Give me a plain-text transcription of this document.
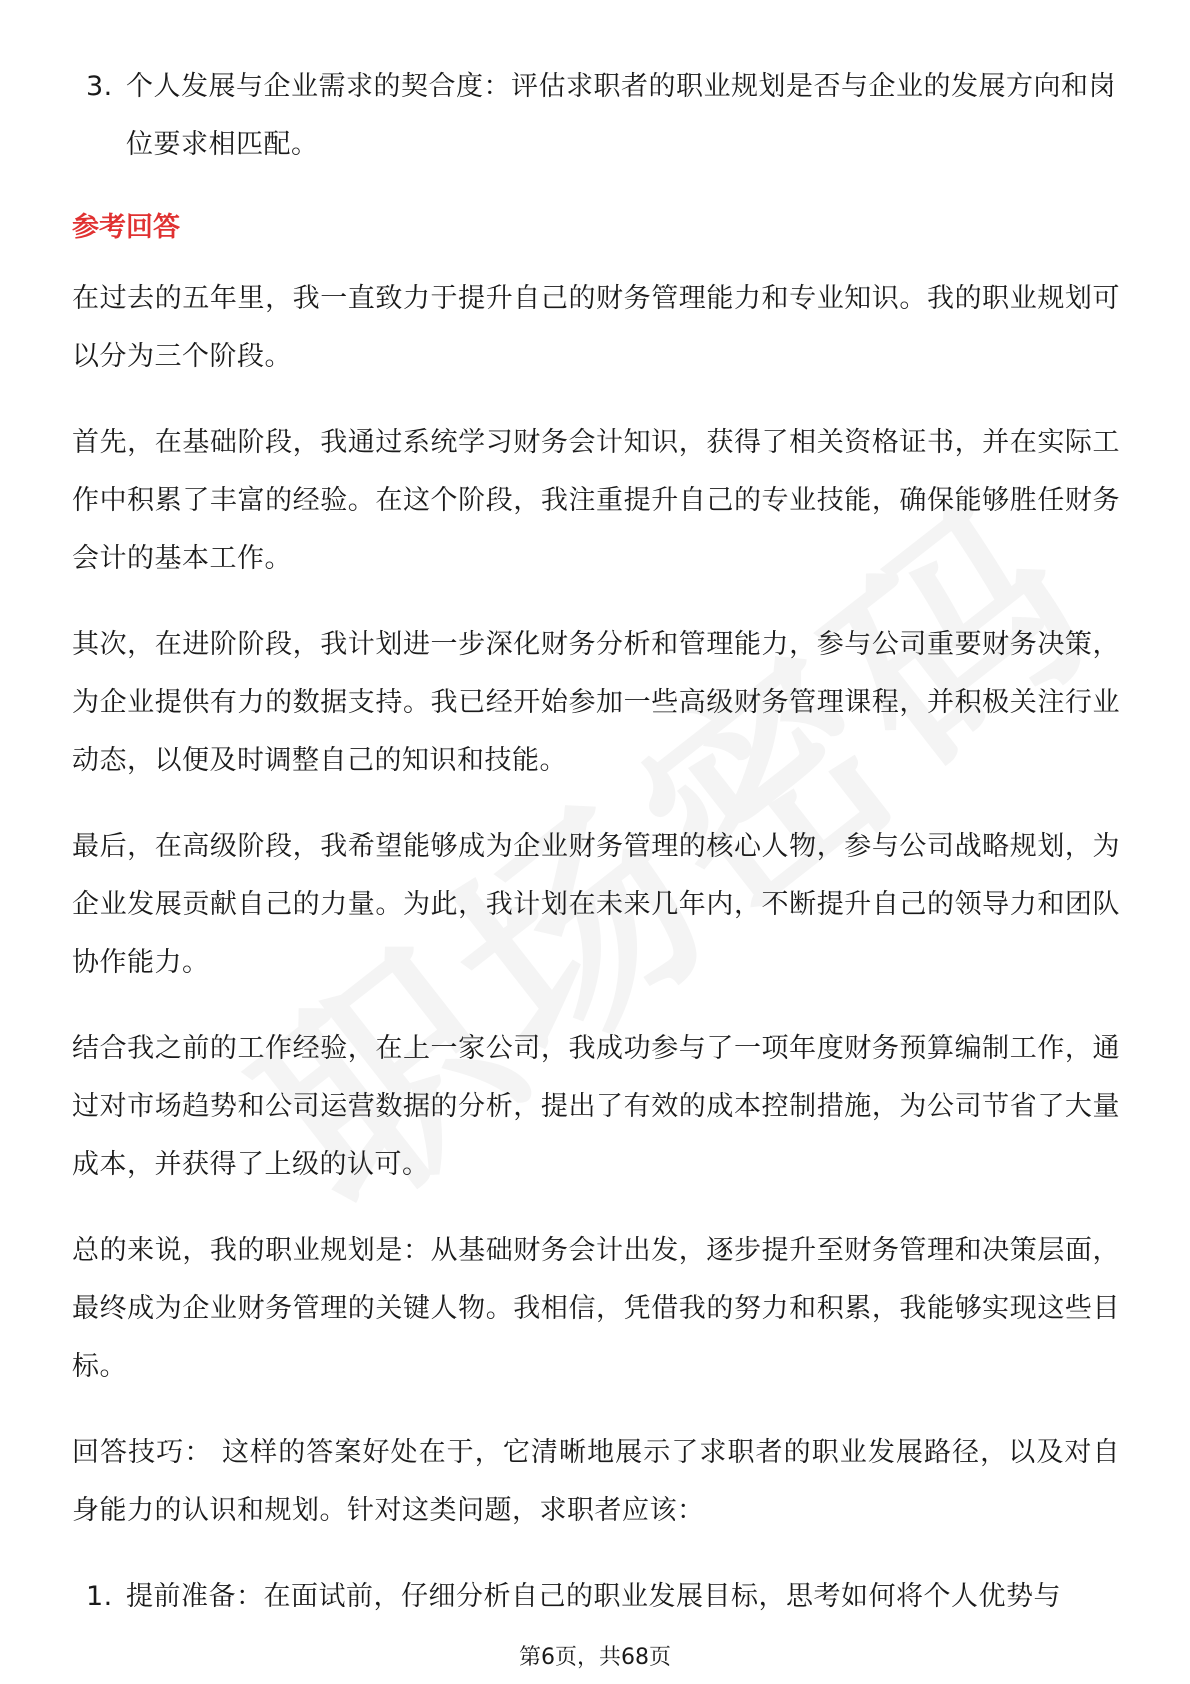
3. 个人发展与企业需求的契合度：评估求职者的职业规划是否与企业的发展方向和岗位要求相匹配。
参考回答

在过去的五年里，我一直致力于提升自己的财务管理能力和专业知识。我的职业规划可以分为三个阶段。

首先，在基础阶段，我通过系统学习财务会计知识，获得了相关资格证书，并在实际工作中积累了丰富的经验。在这个阶段，我注重提升自己的专业技能，确保能够胜任财务会计的基本工作。

其次，在进阶阶段，我计划进一步深化财务分析和管理能力，参与公司重要财务决策，为企业提供有力的数据支持。我已经开始参加一些高级财务管理课程，并积极关注行业动态，以便及时调整自己的知识和技能。

最后，在高级阶段，我希望能够成为企业财务管理的核心人物，参与公司战略规划，为企业发展贡献自己的力量。为此，我计划在未来几年内，不断提升自己的领导力和团队协作能力。

结合我之前的工作经验，在上一家公司，我成功参与了一项年度财务预算编制工作，通过对市场趋势和公司运营数据的分析，提出了有效的成本控制措施，为公司节省了大量成本，并获得了上级的认可。

总的来说，我的职业规划是：从基础财务会计出发，逐步提升至财务管理和决策层面，最终成为企业财务管理的关键人物。我相信，凭借我的努力和积累，我能够实现这些目标。

回答技巧： 这样的答案好处在于，它清晰地展示了求职者的职业发展路径，以及对自身能力的认识和规划。针对这类问题，求职者应该：

1. 提前准备：在面试前，仔细分析自己的职业发展目标，思考如何将个人优势与
第6页，共68页
